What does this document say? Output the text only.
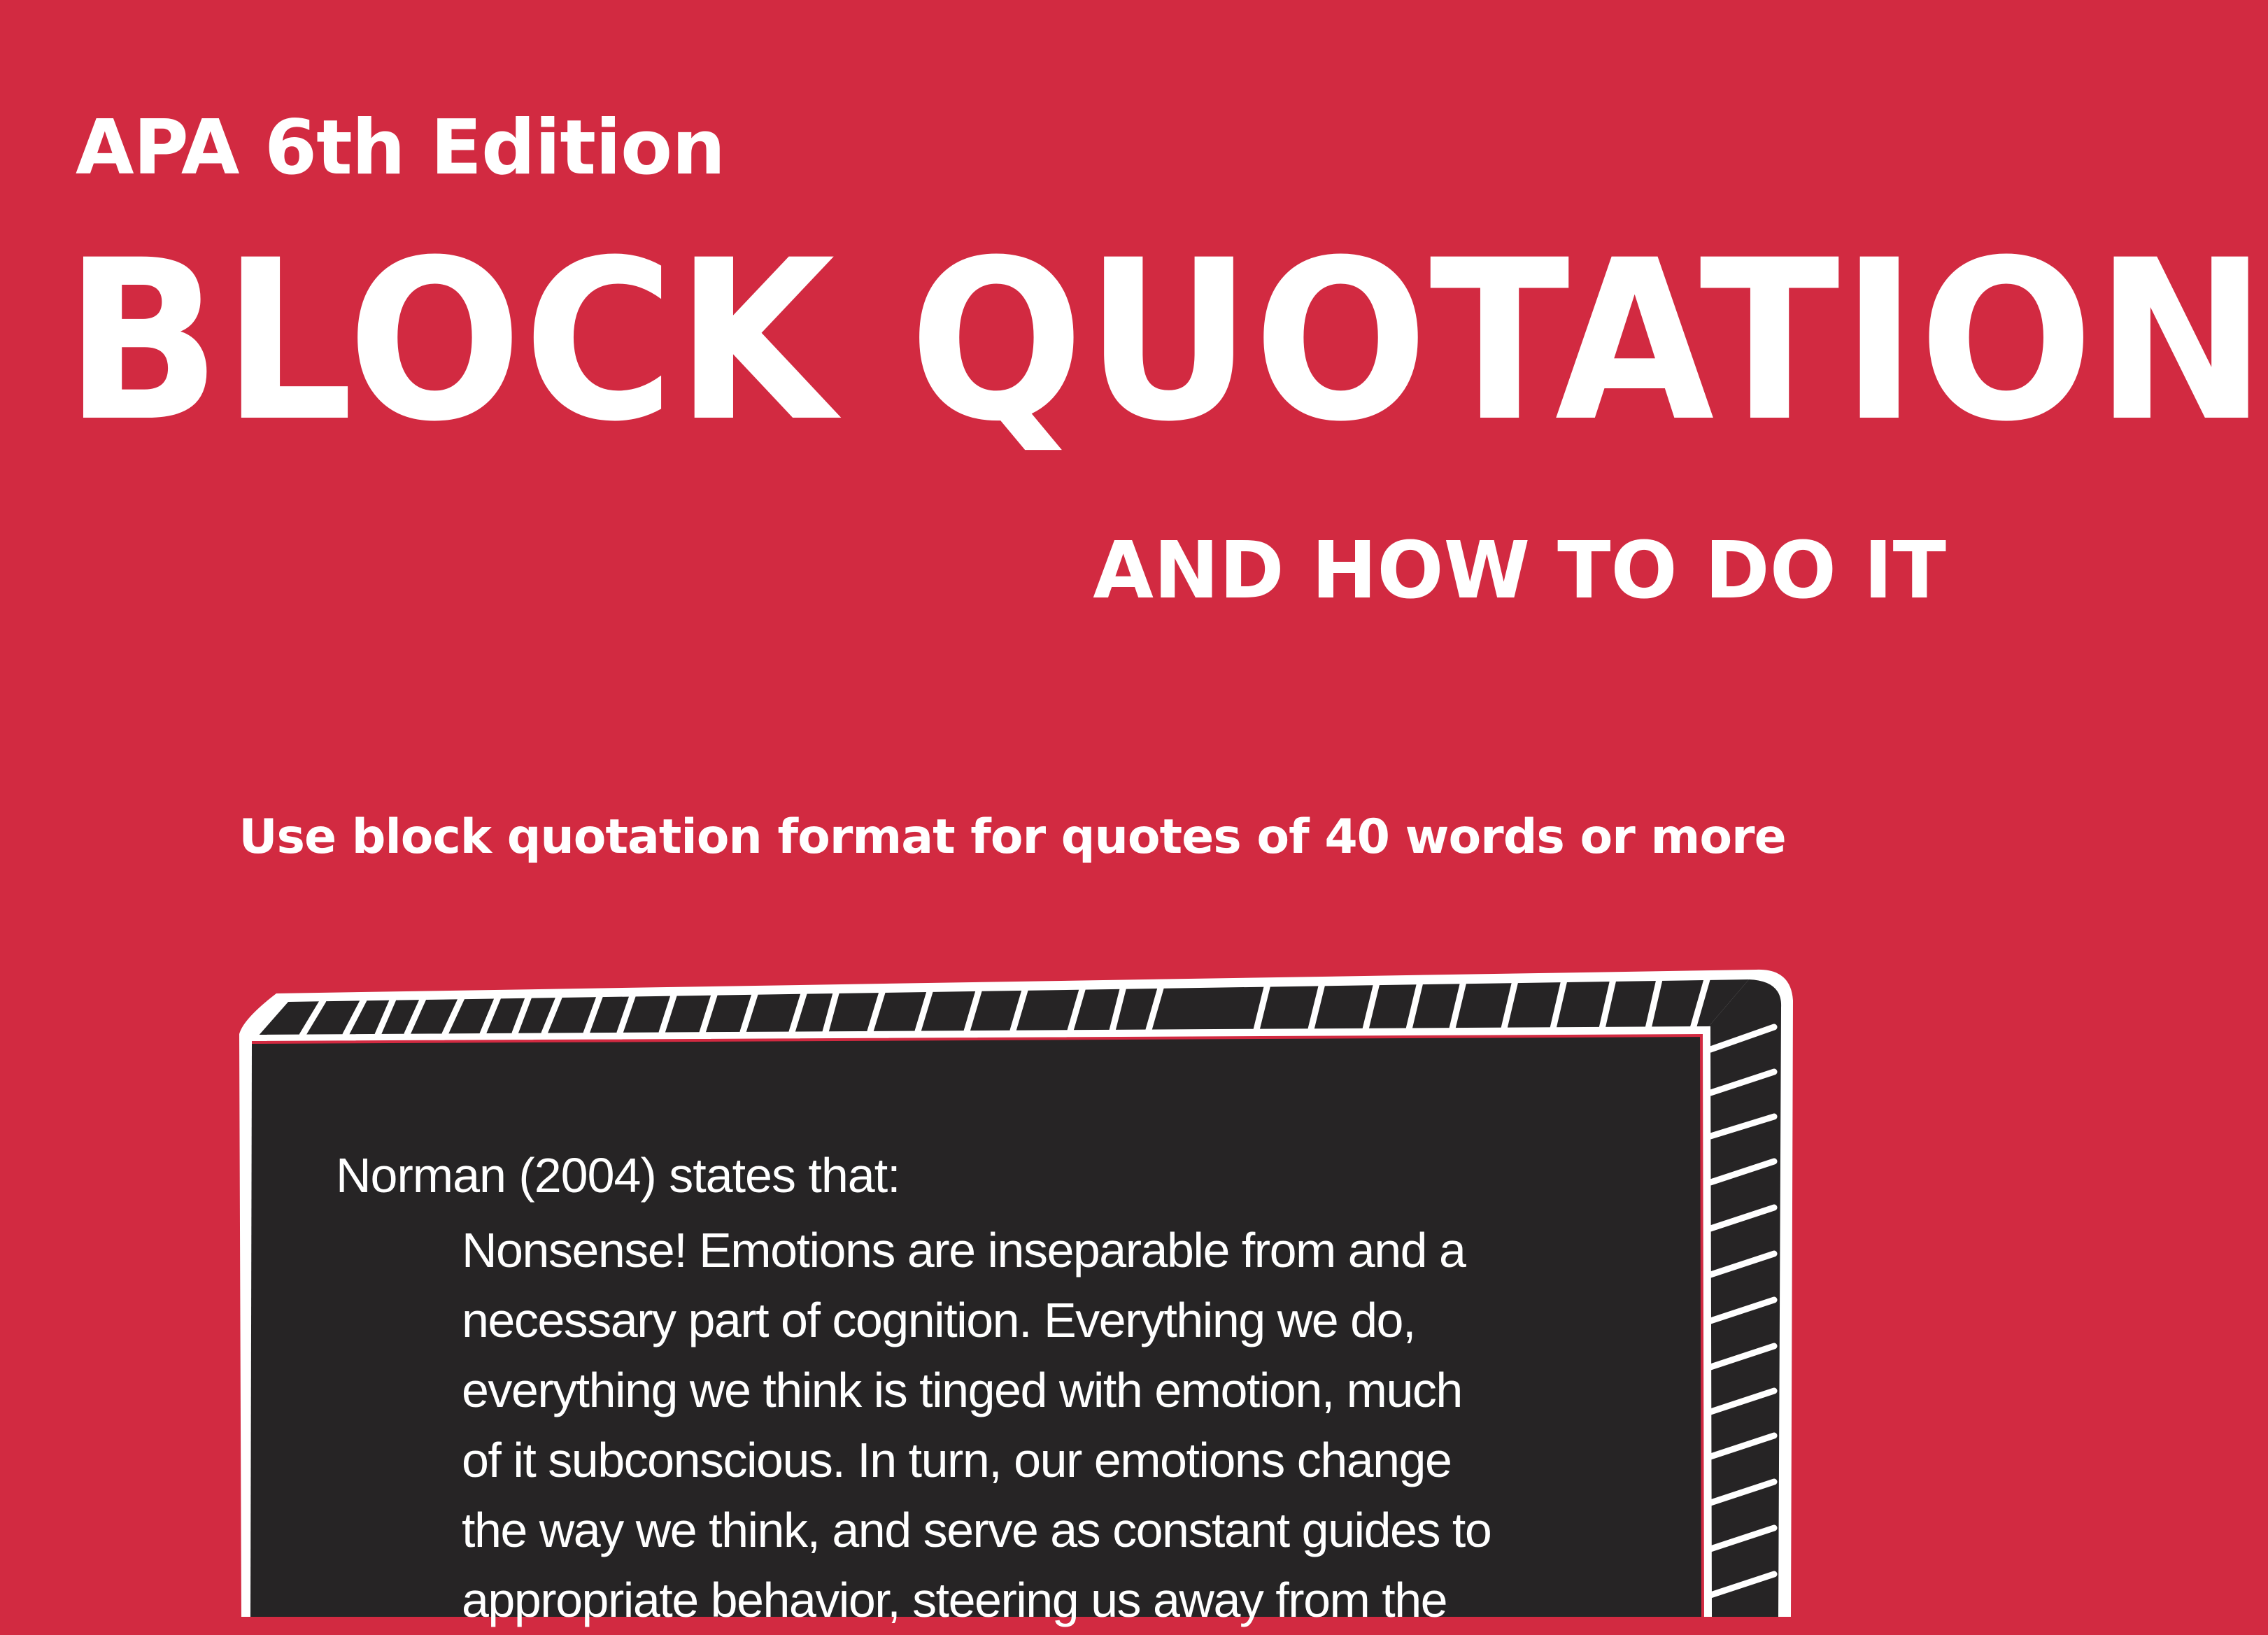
APA 6th Edition
BLOCK QUOTATION
AND HOW TO DO IT
Use block quotation format for quotes of 40 words or more
Norman (2004) states that:
Nonsense! Emotions are inseparable from and a
necessary part of cognition. Everything we do,
everything we think is tinged with emotion, much
of it subconscious. In turn, our emotions change
the way we think, and serve as constant guides to
appropriate behavior, steering us away from the
